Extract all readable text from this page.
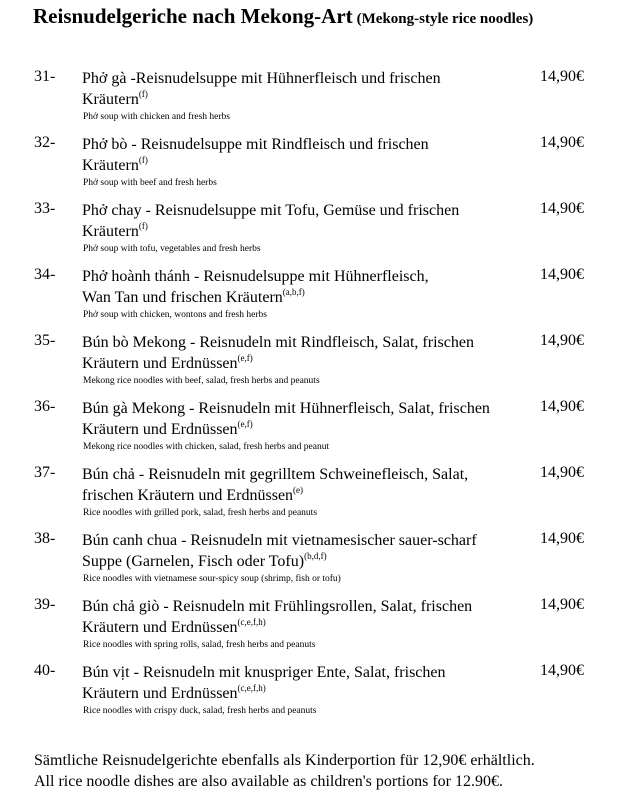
Reisnudelgeriche nach Mekong-Art (Mekong-style rice noodles)
31- Phở gà -Reisnudelsuppe mit Hühnerfleisch und frischen
Kräutern$^{(f)}$
Phở soup with chicken and fresh herbs
14,90€
32- Phở bò - Reisnudelsuppe mit Rindfleisch und frischen
Kräutern$^{(f)}$
Phở soup with beef and fresh herbs
14,90€
33- Phở chay - Reisnudelsuppe mit Tofu, Gemüse und frischen
Kräutern$^{(f)}$
Phở soup with tofu, vegetables and fresh herbs
14,90€
34- Phở hoành thánh - Reisnudelsuppe mit Hühnerfleisch,
Wan Tan und frischen Kräutern$^{(a,b,f)}$
Phở soup with chicken, wontons and fresh herbs
14,90€
35- Bún bò Mekong - Reisnudeln mit Rindfleisch, Salat, frischen
Kräutern und Erdnüssen$^{(e,f)}$
Mekong rice noodles with beef, salad, fresh herbs and peanuts
14,90€
36- Bún gà Mekong - Reisnudeln mit Hühnerfleisch, Salat, frischen
Kräutern und Erdnüssen$^{(e,f)}$
Mekong rice noodles with chicken, salad, fresh herbs and peanut
14,90€
37- Bún chả - Reisnudeln mit gegrilltem Schweinefleisch, Salat,
frischen Kräutern und Erdnüssen$^{(e)}$
Rice noodles with grilled pork, salad, fresh herbs and peanuts
14,90€
38- Bún canh chua - Reisnudeln mit vietnamesischer sauer-scharf
Suppe (Garnelen, Fisch oder Tofu)$^{(b,d,f)}$
Rice noodles with vietnamese sour-spicy soup (shrimp, fish or tofu)
14,90€
39- Bún chả giò - Reisnudeln mit Frühlingsrollen, Salat, frischen
Kräutern und Erdnüssen$^{(c,e,f,h)}$
Rice noodles with spring rolls, salad, fresh herbs and peanuts
14,90€
40- Bún vịt - Reisnudeln mit knuspriger Ente, Salat, frischen
Kräutern und Erdnüssen$^{(c,e,f,h)}$
Rice noodles with crispy duck, salad, fresh herbs and peanuts
14,90€
Sämtliche Reisnudelgerichte ebenfalls als Kinderportion für 12,90€ erhältlich.
All rice noodle dishes are also available as children's portions for 12.90€.
